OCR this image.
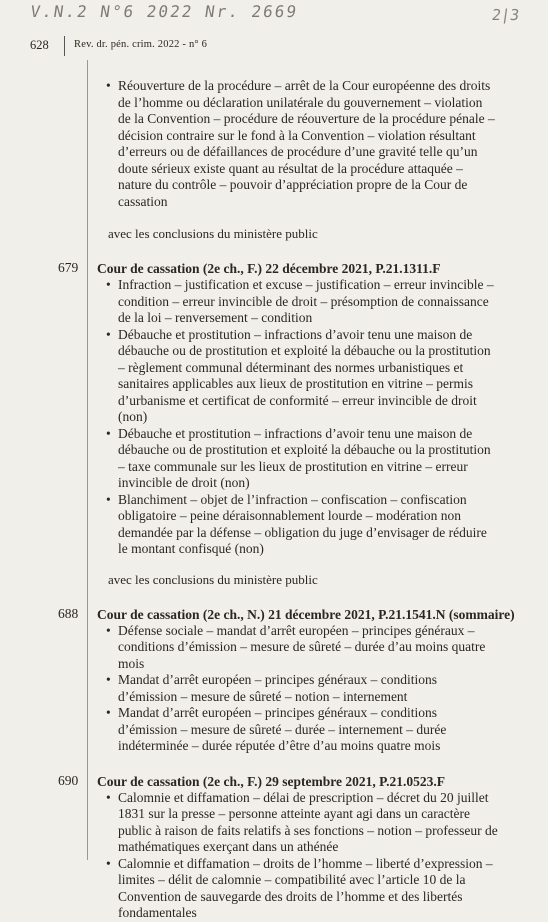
V.N.2 N°6 2022 Nr. 2669	2|3
628 Rev. dr. pén. crim. 2022 - n° 6
• Réouverture de la procédure – arrêt de la Cour européenne des droits de l’homme ou déclaration unilatérale du gouvernement – violation de la Convention – procédure de réouverture de la procédure pénale – décision contraire sur le fond à la Convention – violation résultant d’erreurs ou de défaillances de procédure d’une gravité telle qu’un doute sérieux existe quant au résultat de la procédure attaquée – nature du contrôle – pouvoir d’appréciation propre de la Cour de cassation
avec les conclusions du ministère public
679 Cour de cassation (2e ch., F.) 22 décembre 2021, P.21.1311.F
• Infraction – justification et excuse – justification – erreur invincible – condition – erreur invincible de droit – présomption de connaissance de la loi – renversement – condition
• Débauche et prostitution – infractions d’avoir tenu une maison de débauche ou de prostitution et exploité la débauche ou la prostitution – règlement communal déterminant des normes urbanistiques et sanitaires applicables aux lieux de prostitution en vitrine – permis d’urbanisme et certificat de conformité – erreur invincible de droit (non)
• Débauche et prostitution – infractions d’avoir tenu une maison de débauche ou de prostitution et exploité la débauche ou la prostitution – taxe communale sur les lieux de prostitution en vitrine – erreur invincible de droit (non)
• Blanchiment – objet de l’infraction – confiscation – confiscation obligatoire – peine déraisonnablement lourde – modération non demandée par la défense – obligation du juge d’envisager de réduire le montant confisqué (non)
avec les conclusions du ministère public
688 Cour de cassation (2e ch., N.) 21 décembre 2021, P.21.1541.N (sommaire)
• Défense sociale – mandat d’arrêt européen – principes généraux – conditions d’émission – mesure de sûreté – durée d’au moins quatre mois
• Mandat d’arrêt européen – principes généraux – conditions d’émission – mesure de sûreté – notion – internement
• Mandat d’arrêt européen – principes généraux – conditions d’émission – mesure de sûreté – durée – internement – durée indéterminée – durée réputée d’être d’au moins quatre mois
690 Cour de cassation (2e ch., F.) 29 septembre 2021, P.21.0523.F
• Calomnie et diffamation – délai de prescription – décret du 20 juillet 1831 sur la presse – personne atteinte ayant agi dans un caractère public à raison de faits relatifs à ses fonctions – notion – professeur de mathématiques exerçant dans un athénée
• Calomnie et diffamation – droits de l’homme – liberté d’expression – limites – délit de calomnie – compatibilité avec l’article 10 de la Convention de sauvegarde des droits de l’homme et des libertés fondamentales
